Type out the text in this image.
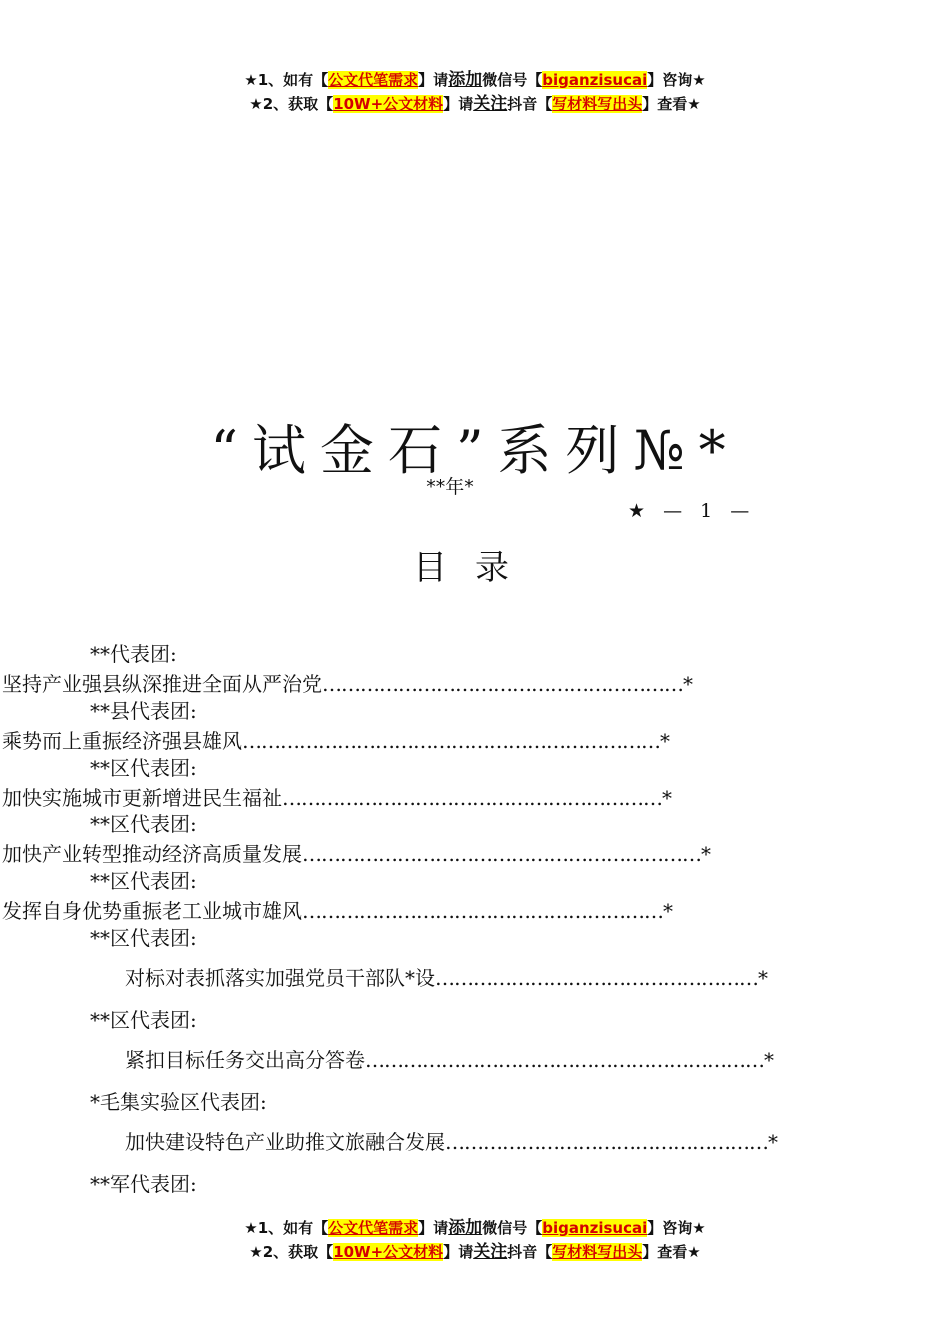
★1、如有【公文代笔需求】请添加微信号【biganzisucai】咨询★
★2、获取【10W+公文材料】请关注抖音【写材料写出头】查看★
“试金石”系列№*
**年*
★ — 1 —
目录
**代表团:
坚持产业强县纵深推进全面从严治党…………………………………………………*
**县代表团:
乘势而上重振经济强县雄风…………………………………………………………*
**区代表团:
加快实施城市更新增进民生福祉……………………………………………………*
**区代表团:
加快产业转型推动经济高质量发展………………………………………………………*
**区代表团:
发挥自身优势重振老工业城市雄风…………………………………………………*
**区代表团:
对标对表抓落实加强党员干部队*设……………………………………………*
**区代表团:
紧扣目标任务交出高分答卷………………………………………………………*
*毛集实验区代表团:
加快建设特色产业助推文旅融合发展……………………………………………*
**军代表团:
★1、如有【公文代笔需求】请添加微信号【biganzisucai】咨询★
★2、获取【10W+公文材料】请关注抖音【写材料写出头】查看★
